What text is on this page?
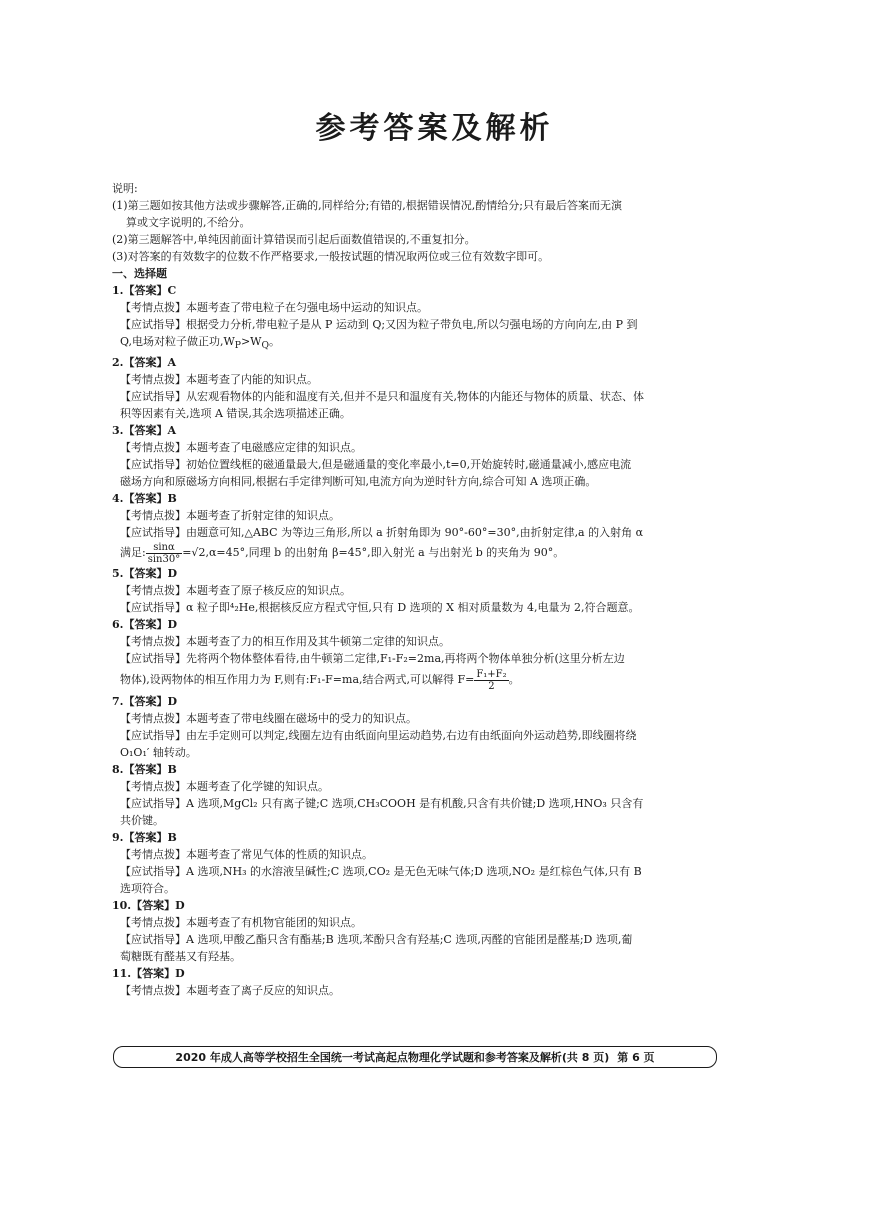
参考答案及解析

说明:

(1)第三题如按其他方法或步骤解答,正确的,同样给分;有错的,根据错误情况,酌情给分;只有最后答案而无演

算或文字说明的,不给分。

(2)第三题解答中,单纯因前面计算错误而引起后面数值错误的,不重复扣分。

(3)对答案的有效数字的位数不作严格要求,一般按试题的情况取两位或三位有效数字即可。

一、选择题

1.【答案】C

【考情点拨】本题考查了带电粒子在匀强电场中运动的知识点。

【应试指导】根据受力分析,带电粒子是从 P 运动到 Q;又因为粒子带负电,所以匀强电场的方向向左,由 P 到

Q,电场对粒子做正功$,W_P>W_Q$。

2.【答案】A

【考情点拨】本题考查了内能的知识点。

【应试指导】从宏观看物体的内能和温度有关,但并不是只和温度有关,物体的内能还与物体的质量、状态、体

积等因素有关,选项 A 错误,其余选项描述正确。

3.【答案】A

【考情点拨】本题考查了电磁感应定律的知识点。

【应试指导】初始位置线框的磁通量最大,但是磁通量的变化率最小,t=0,开始旋转时,磁通量减小,感应电流

磁场方向和原磁场方向相同,根据右手定律判断可知,电流方向为逆时针方向,综合可知 A 选项正确。

4.【答案】B

【考情点拨】本题考查了折射定律的知识点。

【应试指导】由题意可知,△ABC 为等边三角形,所以 a 折射角即为 90°-60°=30°,由折射定律,a 的入射角 α

满足: $\frac{\sin\alpha}{\sin 30^\circ} =√2,\alpha=45^\circ$,同理 b 的出射角 β=45°,即入射光 a 与出射光 b 的夹角为 90°。

5.【答案】D

【考情点拨】本题考查了原子核反应的知识点。

【应试指导】α 粒子即⁴₂He,根据核反应方程式守恒,只有 D 选项的 X 相对质量数为 4,电量为 2,符合题意。

6.【答案】D

【考情点拨】本题考查了力的相互作用及其牛顿第二定律的知识点。

【应试指导】先将两个物体整体看待,由牛顿第二定律,F₁-F₂=2ma,再将两个物体单独分析(这里分析左边

物体),设两物体的相互作用力为 F,则有:F₁-F=ma,结合两式,可以解得 $F= \frac{\text{F₁+F₂}}{2}$ 。

7.【答案】D

【考情点拨】本题考查了带电线圈在磁场中的受力的知识点。

【应试指导】由左手定则可以判定,线圈左边有由纸面向里运动趋势,右边有由纸面向外运动趋势,即线圈将绕

O₁O₁′ 轴转动。

8.【答案】B

【考情点拨】本题考查了化学键的知识点。

【应试指导】A 选项,MgCl₂ 只有离子键;C 选项,CH₃COOH 是有机酸,只含有共价键;D 选项,HNO₃ 只含有

共价键。

9.【答案】B

【考情点拨】本题考查了常见气体的性质的知识点。

【应试指导】A 选项,NH₃ 的水溶液呈碱性;C 选项,CO₂ 是无色无味气体;D 选项,NO₂ 是红棕色气体,只有 B

选项符合。

10.【答案】D

【考情点拨】本题考查了有机物官能团的知识点。

【应试指导】A 选项,甲酸乙酯只含有酯基;B 选项,苯酚只含有羟基;C 选项,丙醛的官能团是醛基;D 选项,葡

萄糖既有醛基又有羟基。

11.【答案】D

【考情点拨】本题考查了离子反应的知识点。

2020 年成人高等学校招生全国统一考试高起点物理化学试题和参考答案及解析(共 8 页) 第 6 页
